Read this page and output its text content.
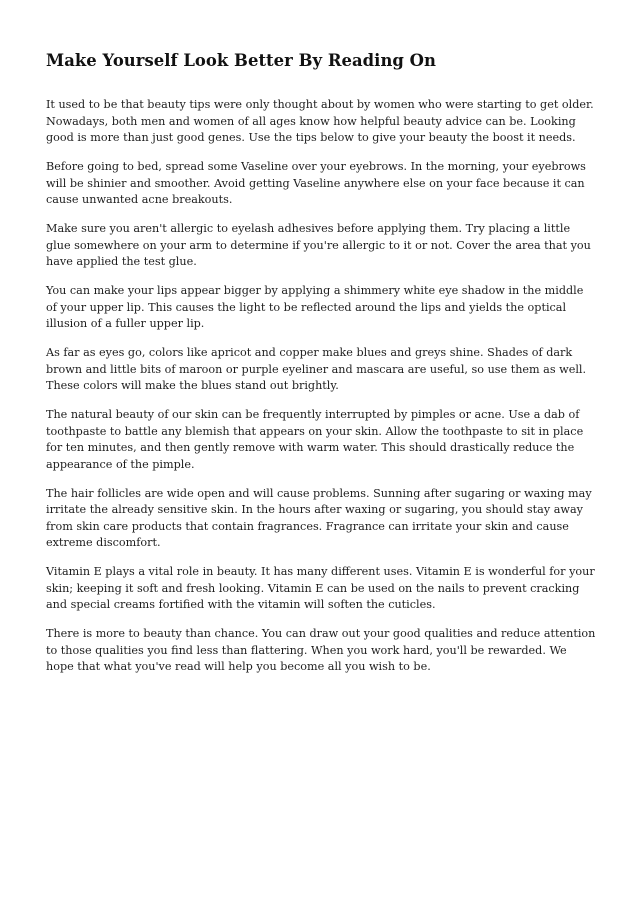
Make Yourself Look Better By Reading On

It used to be that beauty tips were only thought about by women who were starting to get older. Nowadays, both men and women of all ages know how helpful beauty advice can be. Looking good is more than just good genes. Use the tips below to give your beauty the boost it needs.

Before going to bed, spread some Vaseline over your eyebrows. In the morning, your eyebrows will be shinier and smoother. Avoid getting Vaseline anywhere else on your face because it can cause unwanted acne breakouts.

Make sure you aren't allergic to eyelash adhesives before applying them. Try placing a little glue somewhere on your arm to determine if you're allergic to it or not. Cover the area that you have applied the test glue.

You can make your lips appear bigger by applying a shimmery white eye shadow in the middle of your upper lip. This causes the light to be reflected around the lips and yields the optical illusion of a fuller upper lip.

As far as eyes go, colors like apricot and copper make blues and greys shine. Shades of dark brown and little bits of maroon or purple eyeliner and mascara are useful, so use them as well. These colors will make the blues stand out brightly.

The natural beauty of our skin can be frequently interrupted by pimples or acne. Use a dab of toothpaste to battle any blemish that appears on your skin. Allow the toothpaste to sit in place for ten minutes, and then gently remove with warm water. This should drastically reduce the appearance of the pimple.

The hair follicles are wide open and will cause problems. Sunning after sugaring or waxing may irritate the already sensitive skin. In the hours after waxing or sugaring, you should stay away from skin care products that contain fragrances. Fragrance can irritate your skin and cause extreme discomfort.

Vitamin E plays a vital role in beauty. It has many different uses. Vitamin E is wonderful for your skin; keeping it soft and fresh looking. Vitamin E can be used on the nails to prevent cracking and special creams fortified with the vitamin will soften the cuticles.

There is more to beauty than chance. You can draw out your good qualities and reduce attention to those qualities you find less than flattering. When you work hard, you'll be rewarded. We hope that what you've read will help you become all you wish to be.
